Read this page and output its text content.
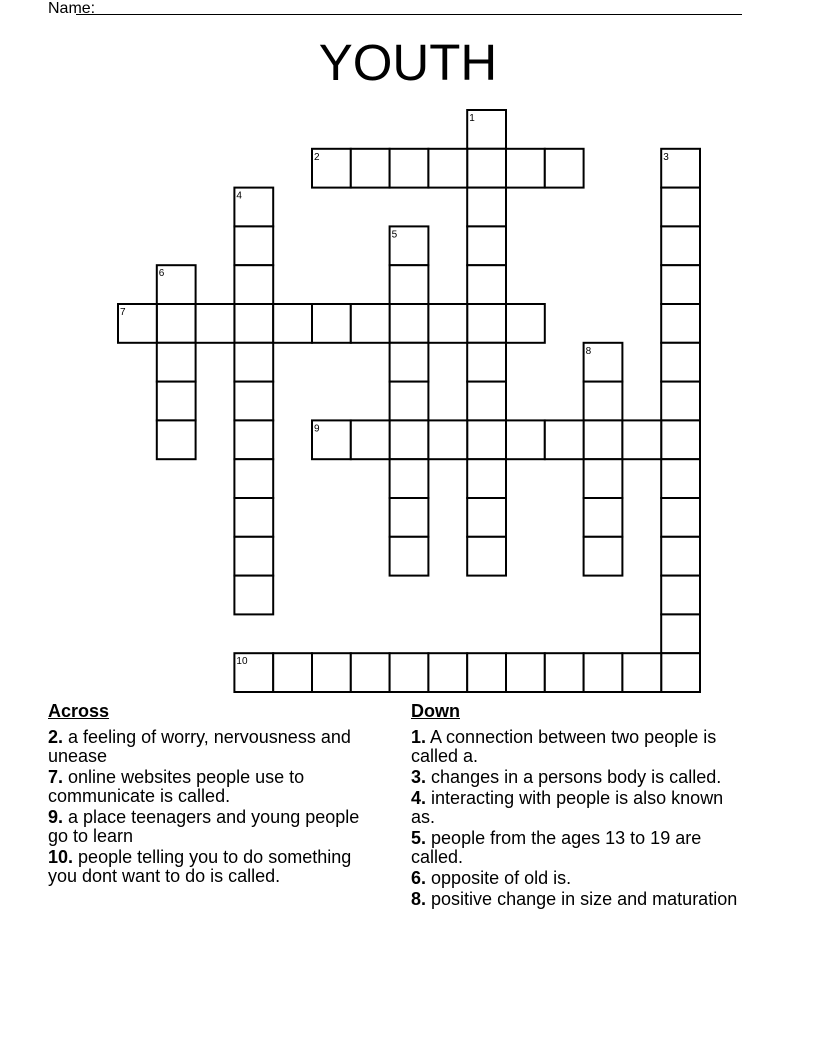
Name:
YOUTH
1
2	3
4
5
6
7
8
9
10
Across
2. a feeling of worry, nervousness and unease
7. online websites people use to communicate is called.
9. a place teenagers and young people go to learn
10. people telling you to do something you dont want to do is called.
Down
1. A connection between two people is called a.
3. changes in a persons body is called.
4. interacting with people is also known as.
5. people from the ages 13 to 19 are called.
6. opposite of old is.
8. positive change in size and maturation
